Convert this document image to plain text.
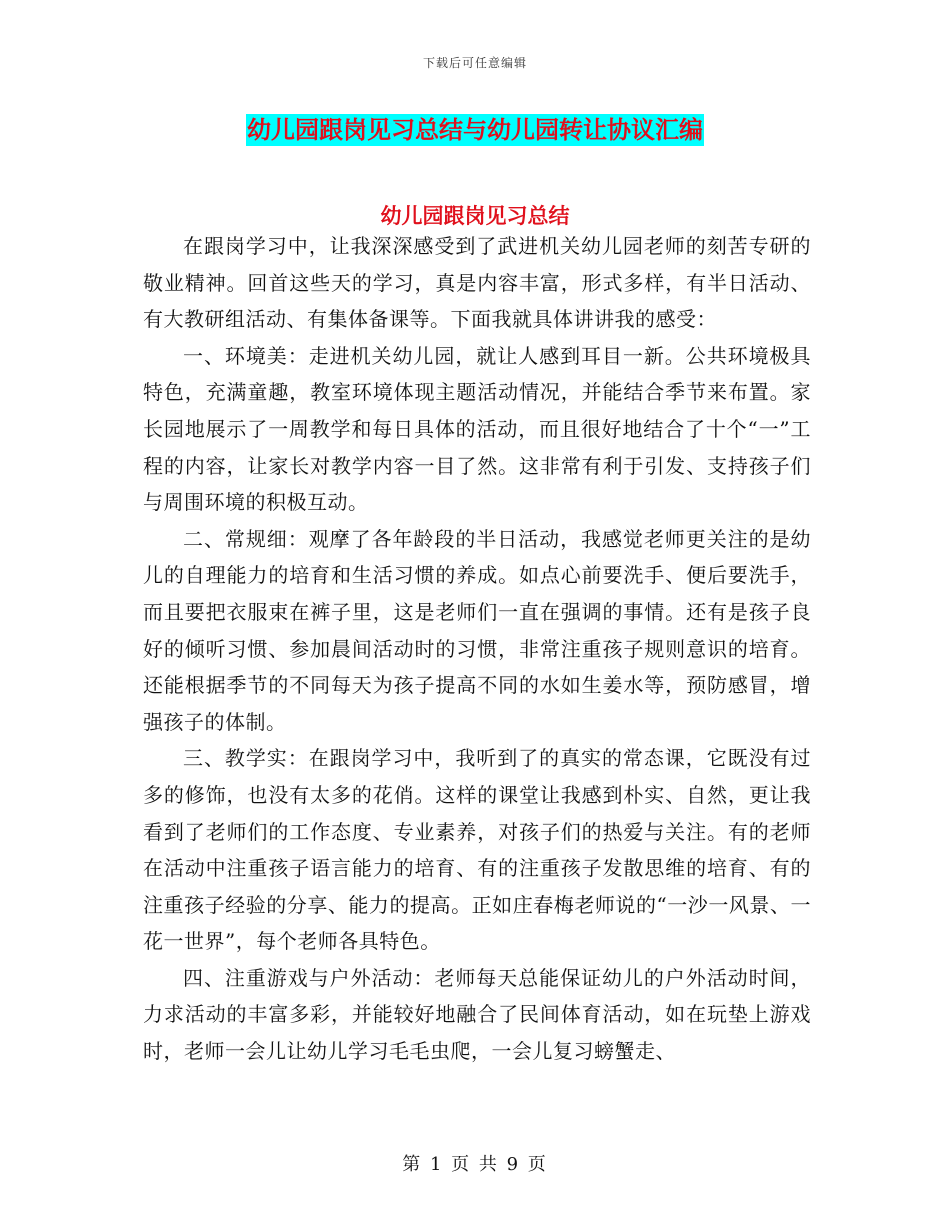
下载后可任意编辑
幼儿园跟岗见习总结与幼儿园转让协议汇编
幼儿园跟岗见习总结

在跟岗学习中，让我深深感受到了武进机关幼儿园老师的刻苦专研的敬业精神。回首这些天的学习，真是内容丰富，形式多样，有半日活动、有大教研组活动、有集体备课等。下面我就具体讲讲我的感受：

一、环境美：走进机关幼儿园，就让人感到耳目一新。公共环境极具特色，充满童趣，教室环境体现主题活动情况，并能结合季节来布置。家长园地展示了一周教学和每日具体的活动，而且很好地结合了十个“一”工程的内容，让家长对教学内容一目了然。这非常有利于引发、支持孩子们与周围环境的积极互动。

二、常规细：观摩了各年龄段的半日活动，我感觉老师更关注的是幼儿的自理能力的培育和生活习惯的养成。如点心前要洗手、便后要洗手，而且要把衣服束在裤子里，这是老师们一直在强调的事情。还有是孩子良好的倾听习惯、参加晨间活动时的习惯，非常注重孩子规则意识的培育。还能根据季节的不同每天为孩子提高不同的水如生姜水等，预防感冒，增强孩子的体制。

三、教学实：在跟岗学习中，我听到了的真实的常态课，它既没有过多的修饰，也没有太多的花俏。这样的课堂让我感到朴实、自然，更让我看到了老师们的工作态度、专业素养，对孩子们的热爱与关注。有的老师在活动中注重孩子语言能力的培育、有的注重孩子发散思维的培育、有的注重孩子经验的分享、能力的提高。正如庄春梅老师说的“一沙一风景、一花一世界”，每个老师各具特色。

四、注重游戏与户外活动：老师每天总能保证幼儿的户外活动时间，力求活动的丰富多彩，并能较好地融合了民间体育活动，如在玩垫上游戏时，老师一会儿让幼儿学习毛毛虫爬，一会儿复习螃蟹走、

第 1 页 共 9 页
